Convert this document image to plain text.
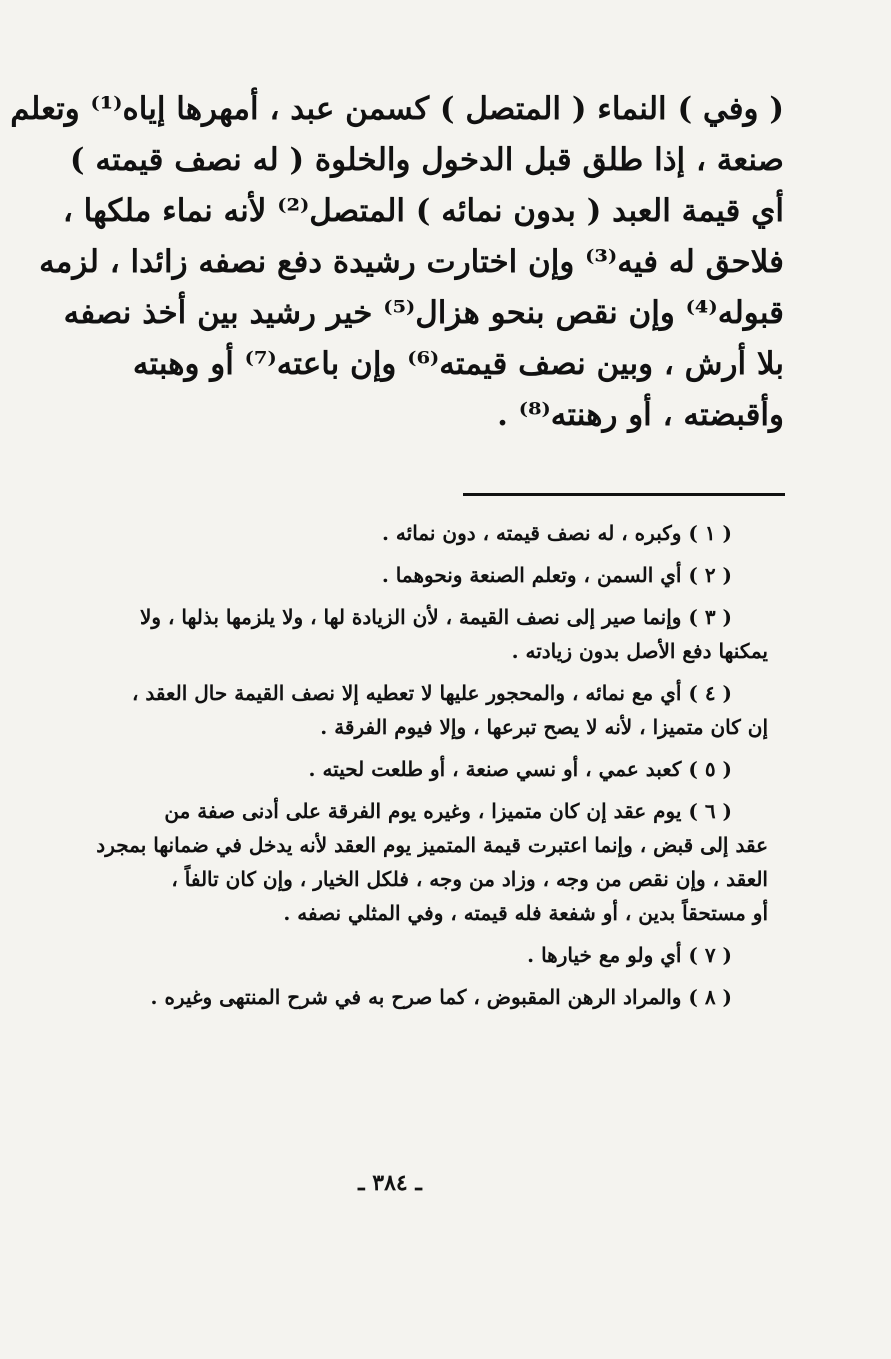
( وفي ) النماء ( المتصل ) كسمن عبد ، أمهرها إياه⁽¹⁾ وتعلم
صنعة ، إذا طلق قبل الدخول والخلوة ( له نصف قيمته )
أي قيمة العبد ( بدون نمائه ) المتصل⁽²⁾ لأنه نماء ملكها ،
فلاحق له فيه⁽³⁾ وإن اختارت رشيدة دفع نصفه زائدا ، لزمه
قبوله⁽⁴⁾ وإن نقص بنحو هزال⁽⁵⁾ خير رشيد بين أخذ نصفه
بلا أرش ، وبين نصف قيمته⁽⁶⁾ وإن باعته⁽⁷⁾ أو وهبته
وأقبضته ، أو رهنته⁽⁸⁾ .
( ١ ) وكبره ، له نصف قيمته ، دون نمائه .
( ٢ ) أي السمن ، وتعلم الصنعة ونحوهما .
( ٣ ) وإنما صير إلى نصف القيمة ، لأن الزيادة لها ، ولا يلزمها بذلها ، ولا
يمكنها دفع الأصل بدون زيادته .
( ٤ ) أي مع نمائه ، والمحجور عليها لا تعطيه إلا نصف القيمة حال العقد ،
إن كان متميزا ، لأنه لا يصح تبرعها ، وإلا فيوم الفرقة .
( ٥ ) كعبد عمي ، أو نسي صنعة ، أو طلعت لحيته .
( ٦ ) يوم عقد إن كان متميزا ، وغيره يوم الفرقة على أدنى صفة من
عقد إلى قبض ، وإنما اعتبرت قيمة المتميز يوم العقد لأنه يدخل في ضمانها بمجرد
العقد ، وإن نقص من وجه ، وزاد من وجه ، فلكل الخيار ، وإن كان تالفاً ،
أو مستحقاً بدين ، أو شفعة فله قيمته ، وفي المثلي نصفه .
( ٧ ) أي ولو مع خيارها .
( ٨ ) والمراد الرهن المقبوض ، كما صرح به في شرح المنتهى وغيره .
ـ ٣٨٤ ـ
